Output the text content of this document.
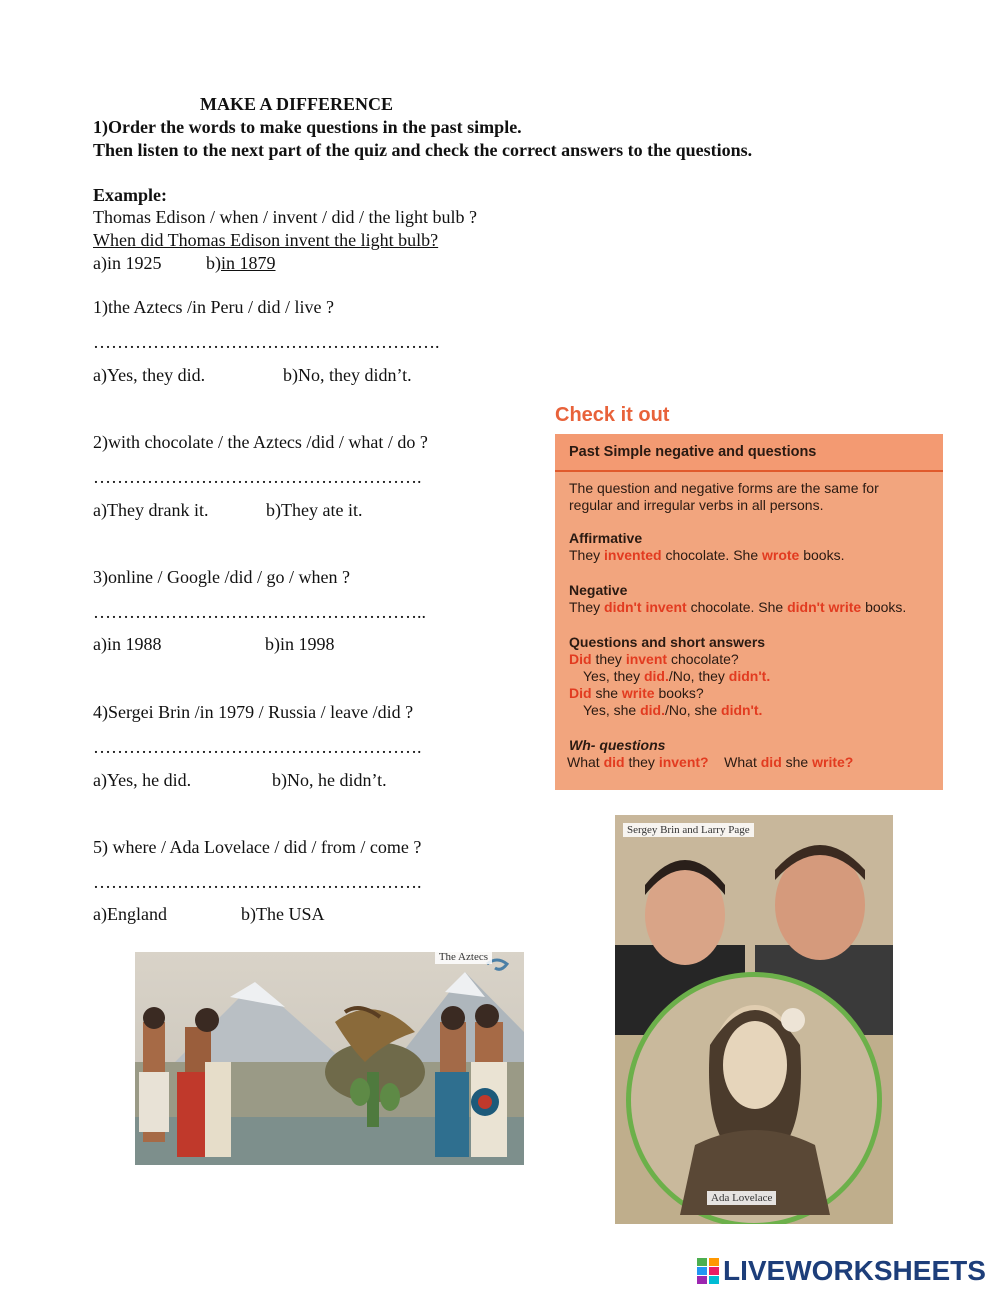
MAKE A DIFFERENCE
1)Order the words to make questions in the past simple.
Then listen to the next part of the quiz and check the correct answers to the questions.
Example:
Thomas Edison / when / invent / did / the light bulb ?
When did Thomas Edison invent the light bulb?
a)in 1925 b)in 1879
1)the Aztecs /in Peru / did / live ?
………………………………………………….
a)Yes, they did.	b)No, they didn’t.
2)with chocolate / the Aztecs /did / what / do ?
……………………………………………….
a)They drank it.	b)They ate it.
3)online / Google /did / go / when ?
………………………………………………..
a)in 1988	b)in 1998
4)Sergei Brin /in 1979 / Russia / leave /did ?
……………………………………………….
a)Yes, he did.	b)No, he didn’t.
5) where / Ada Lovelace / did / from / come ?
……………………………………………….
a)England	b)The USA
Check it out
Past Simple negative and questions
The question and negative forms are the same for
regular and irregular verbs in all persons.
Affirmative
They invented chocolate. She wrote books.
Negative
They didn't invent chocolate. She didn't write books.
Questions and short answers
Did they invent chocolate?
Yes, they did./No, they didn't.
Did she write books?
Yes, she did./No, she didn't.
Wh- questions
What did they invent? What did she write?
The Aztecs
Sergey Brin and Larry Page
Ada Lovelace
LIVEWORKSHEETS
